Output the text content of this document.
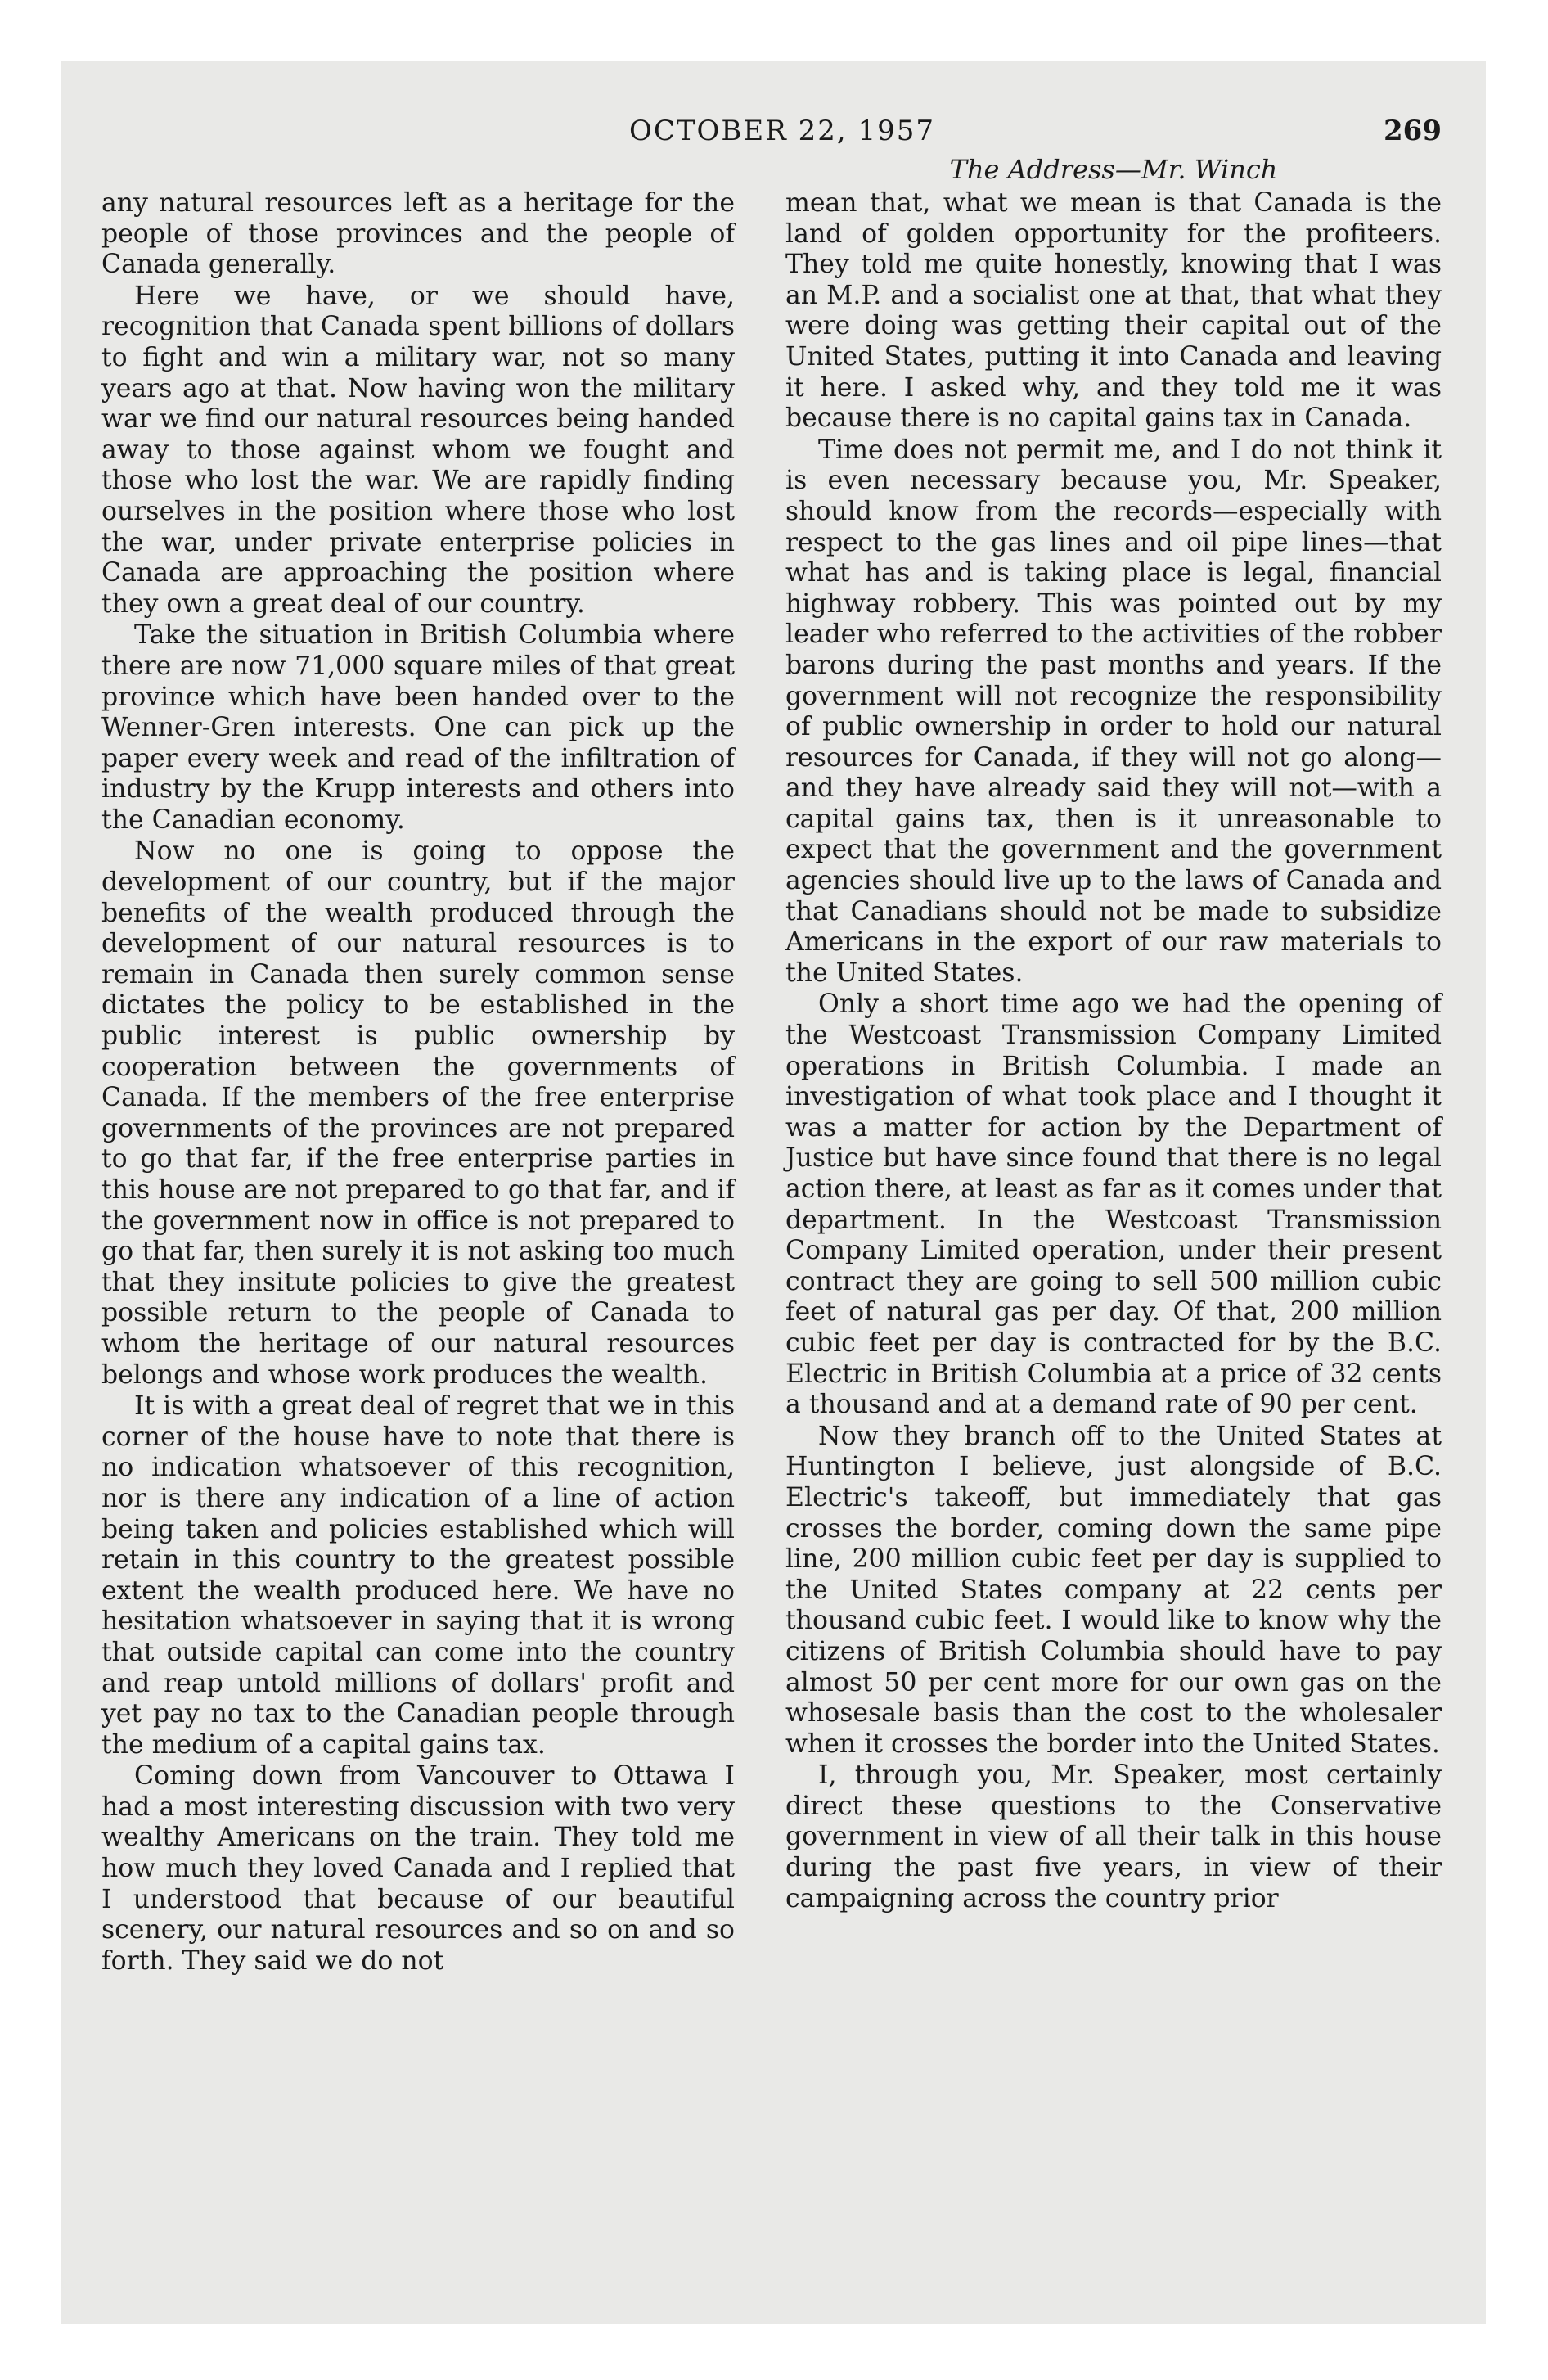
OCTOBER 22, 1957	269
The Address—Mr. Winch

any natural resources left as a heritage for the people of those provinces and the people of Canada generally.

Here we have, or we should have, recognition that Canada spent billions of dollars to fight and win a military war, not so many years ago at that. Now having won the military war we find our natural resources being handed away to those against whom we fought and those who lost the war. We are rapidly finding ourselves in the position where those who lost the war, under private enterprise policies in Canada are approaching the position where they own a great deal of our country.

Take the situation in British Columbia where there are now 71,000 square miles of that great province which have been handed over to the Wenner-Gren interests. One can pick up the paper every week and read of the infiltration of industry by the Krupp interests and others into the Canadian economy.

Now no one is going to oppose the development of our country, but if the major benefits of the wealth produced through the development of our natural resources is to remain in Canada then surely common sense dictates the policy to be established in the public interest is public ownership by cooperation between the governments of Canada. If the members of the free enterprise governments of the provinces are not prepared to go that far, if the free enterprise parties in this house are not prepared to go that far, and if the government now in office is not prepared to go that far, then surely it is not asking too much that they insitute policies to give the greatest possible return to the people of Canada to whom the heritage of our natural resources belongs and whose work produces the wealth.

It is with a great deal of regret that we in this corner of the house have to note that there is no indication whatsoever of this recognition, nor is there any indication of a line of action being taken and policies established which will retain in this country to the greatest possible extent the wealth produced here. We have no hesitation whatsoever in saying that it is wrong that outside capital can come into the country and reap untold millions of dollars' profit and yet pay no tax to the Canadian people through the medium of a capital gains tax.

Coming down from Vancouver to Ottawa I had a most interesting discussion with two very wealthy Americans on the train. They told me how much they loved Canada and I replied that I understood that because of our beautiful scenery, our natural resources and so on and so forth. They said we do not

mean that, what we mean is that Canada is the land of golden opportunity for the profiteers. They told me quite honestly, knowing that I was an M.P. and a socialist one at that, that what they were doing was getting their capital out of the United States, putting it into Canada and leaving it here. I asked why, and they told me it was because there is no capital gains tax in Canada.

Time does not permit me, and I do not think it is even necessary because you, Mr. Speaker, should know from the records—especially with respect to the gas lines and oil pipe lines—that what has and is taking place is legal, financial highway robbery. This was pointed out by my leader who referred to the activities of the robber barons during the past months and years. If the government will not recognize the responsibility of public ownership in order to hold our natural resources for Canada, if they will not go along—and they have already said they will not—with a capital gains tax, then is it unreasonable to expect that the government and the government agencies should live up to the laws of Canada and that Canadians should not be made to subsidize Americans in the export of our raw materials to the United States.

Only a short time ago we had the opening of the Westcoast Transmission Company Limited operations in British Columbia. I made an investigation of what took place and I thought it was a matter for action by the Department of Justice but have since found that there is no legal action there, at least as far as it comes under that department. In the Westcoast Transmission Company Limited operation, under their present contract they are going to sell 500 million cubic feet of natural gas per day. Of that, 200 million cubic feet per day is contracted for by the B.C. Electric in British Columbia at a price of 32 cents a thousand and at a demand rate of 90 per cent.

Now they branch off to the United States at Huntington I believe, just alongside of B.C. Electric's takeoff, but immediately that gas crosses the border, coming down the same pipe line, 200 million cubic feet per day is supplied to the United States company at 22 cents per thousand cubic feet. I would like to know why the citizens of British Columbia should have to pay almost 50 per cent more for our own gas on the whosesale basis than the cost to the wholesaler when it crosses the border into the United States.

I, through you, Mr. Speaker, most certainly direct these questions to the Conservative government in view of all their talk in this house during the past five years, in view of their campaigning across the country prior
